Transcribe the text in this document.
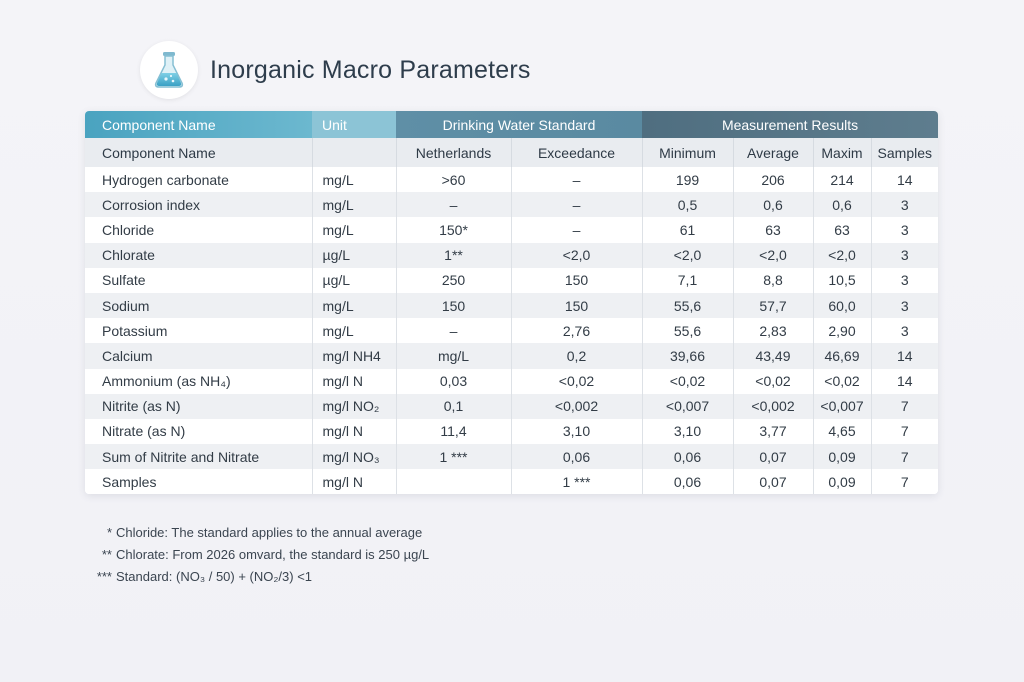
Inorganic Macro Parameters
Component Name	Unit	Drinking Water Standard		Measurement Results			
Component Name		Netherlands	Exceedance	Minimum	Average	Maxim	Samples
Hydrogen carbonate	mg/L	>60	–	199	206	214	14
Corrosion index	mg/L	–	–	0,5	0,6	0,6	3
Chloride	mg/L	150*	–	61	63	63	3
Chlorate	µg/L	1**	<2,0	<2,0	<2,0	<2,0	3
Sulfate	µg/L	250	150	7,1	8,8	10,5	3
Sodium	mg/L	150	150	55,6	57,7	60,0	3
Potassium	mg/L	–	2,76	55,6	2,83	2,90	3
Calcium	mg/l NH4	mg/L	0,2	39,66	43,49	46,69	14
Ammonium (as NH₄)	mg/l N	0,03	<0,02	<0,02	<0,02	<0,02	14
Nitrite (as N)	mg/l NO₂	0,1	<0,002	<0,007	<0,002	<0,007	7
Nitrate (as N)	mg/l N	11,4	3,10	3,10	3,77	4,65	7
Sum of Nitrite and Nitrate	mg/l NO₃	1 ***	0,06	0,06	0,07	0,09	7
Samples	mg/l N		1 ***	0,06	0,07	0,09	7
* Chloride: The standard applies to the annual average
** Chlorate: From 2026 omvard, the standard is 250 µg/L
*** Standard: (NO₃ / 50) + (NO₂/3) <1
